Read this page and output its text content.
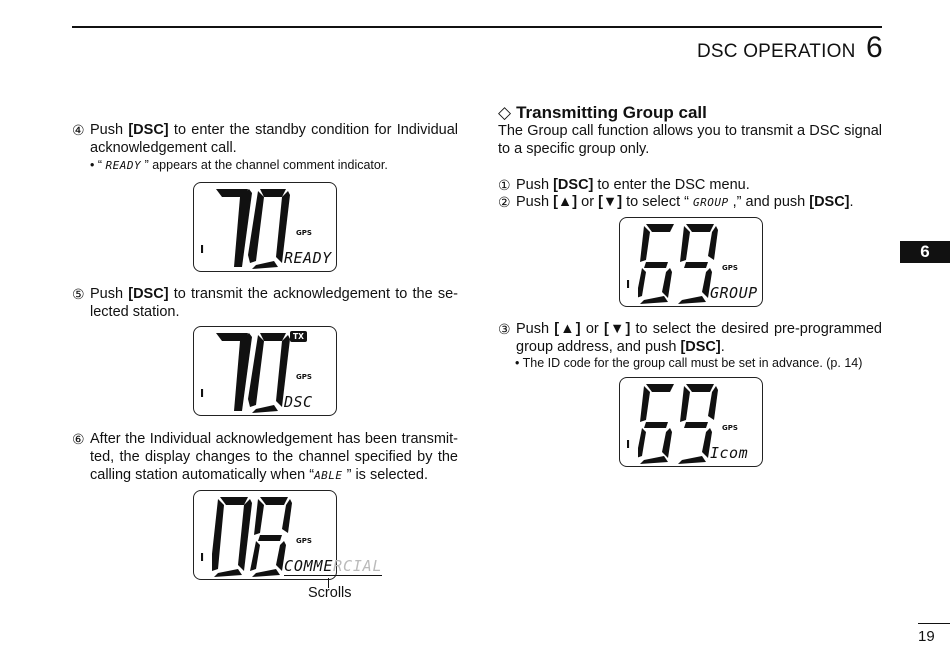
DSC OPERATION 6
6
19
④ Push [DSC] to enter the standby condition for Individual
acknowledgement call.
• “ READY ” appears at the channel comment indicator.
I
GPS
READY
⑤ Push [DSC] to transmit the acknowledgement to the se-
lected station.
TX
I
GPS
DSC
⑥ After the Individual acknowledgement has been transmit-
ted, the display changes to the channel specified by the
calling station automatically when “ABLE ” is selected.
I
GPS
COMMERCIAL
Scrolls
◇ Transmitting Group call
The Group call function allows you to transmit a DSC signal to a specific group only.
① Push [DSC] to enter the DSC menu.
② Push [▲] or [▼] to select “ GROUP ,” and push [DSC].
I
GPS
GROUP
③ Push [▲] or [▼] to select the desired pre-programmed
group address, and push [DSC].
• The ID code for the group call must be set in advance. (p. 14)
I
GPS
Icom
